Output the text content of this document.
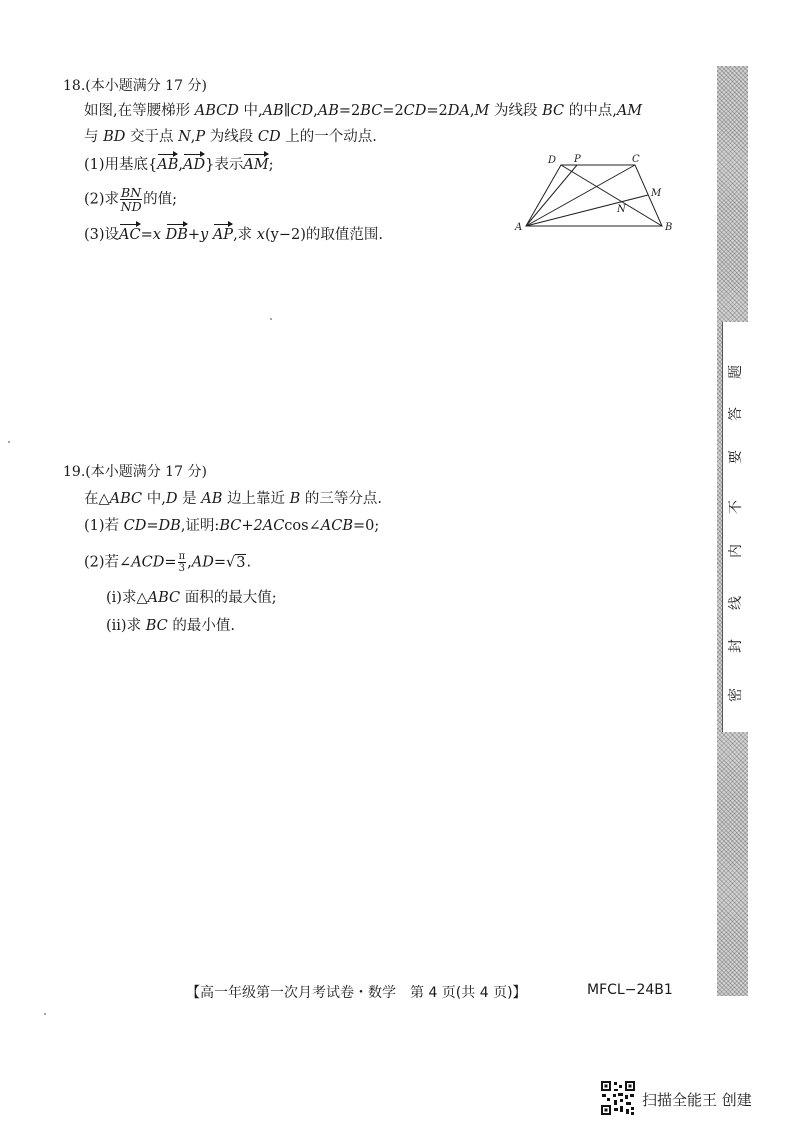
18.(本小题满分 17 分)
如图,在等腰梯形 ABCD 中,AB∥CD,AB=2BC=2CD=2DA,M 为线段 BC 的中点,AM
与 BD 交于点 N,P 为线段 CD 上的一个动点.
(1)用基底{AB,AD}表示AM;
(2)求 $\frac{BN}{ND}$ 的值;
(3)设AC=x DB+y AP,求 x(y−2)的取值范围.	A	B
C
D P
M
N
19.(本小题满分 17 分)
在△ABC 中,D 是 AB 边上靠近 B 的三等分点.
(1)若 CD=DB,证明:BC+2ACcos∠ACB=0;
(2)若∠ACD= $\frac{\pi}{3} ,AD=√3$.
(ⅰ)求△ABC 面积的最大值;
(ⅱ)求 BC 的最小值.
题
答
要
不
内
线
封
密
【高一年级第一次月考试卷・数学　第 4 页(共 4 页)】	MFCL−24B1
扫描全能王 创建
